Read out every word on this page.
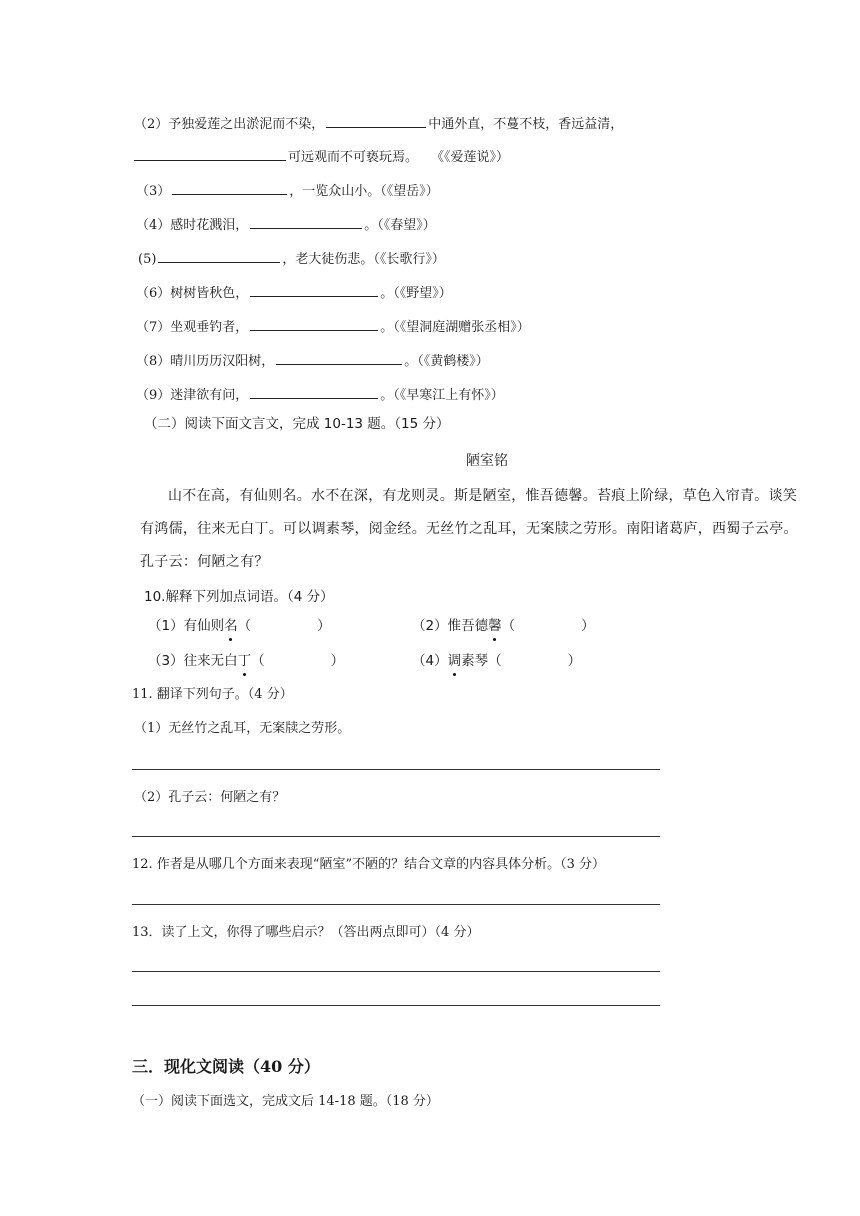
（2）予独爱莲之出淤泥而不染，	中通外直，不蔓不枝，香远益清，
可远观而不可亵玩焉。　　《《爱莲说》）
（3）	，一览众山小。（《望岳》）
（4）感时花溅泪，	。（《春望》）
(5)	，老大徒伤悲。（《长歌行》）
（6）树树皆秋色，	。（《野望》）
（7）坐观垂钓者，	。（《望洞庭湖赠张丞相》）
（8）晴川历历汉阳树，	。（《黄鹤楼》）
（9）迷津欲有问，	。（《早寒江上有怀》）
（二）阅读下面文言文，完成 10-13 题。（15 分）
陋室铭
山不在高，有仙则名。水不在深，有龙则灵。斯是陋室，惟吾德馨。苔痕上阶绿，草色入帘青。谈笑
有鸿儒，往来无白丁。可以调素琴，阅金经。无丝竹之乱耳，无案牍之劳形。南阳诸葛庐，西蜀子云亭。
孔子云：何陋之有？
10.解释下列加点词语。（4 分）
（1）有仙则名（	）	（2）惟吾德馨（	）
（3）往来无白丁（	）	（4）调素琴（	）
11. 翻译下列句子。（4 分）
（1）无丝竹之乱耳，无案牍之劳形。
（2）孔子云：何陋之有？
12. 作者是从哪几个方面来表现“陋室”不陋的？结合文章的内容具体分析。（3 分）
13．读了上文，你得了哪些启示？（答出两点即可）（4 分）
三．现化文阅读（40 分）
（一）阅读下面选文，完成文后 14-18 题。（18 分）
